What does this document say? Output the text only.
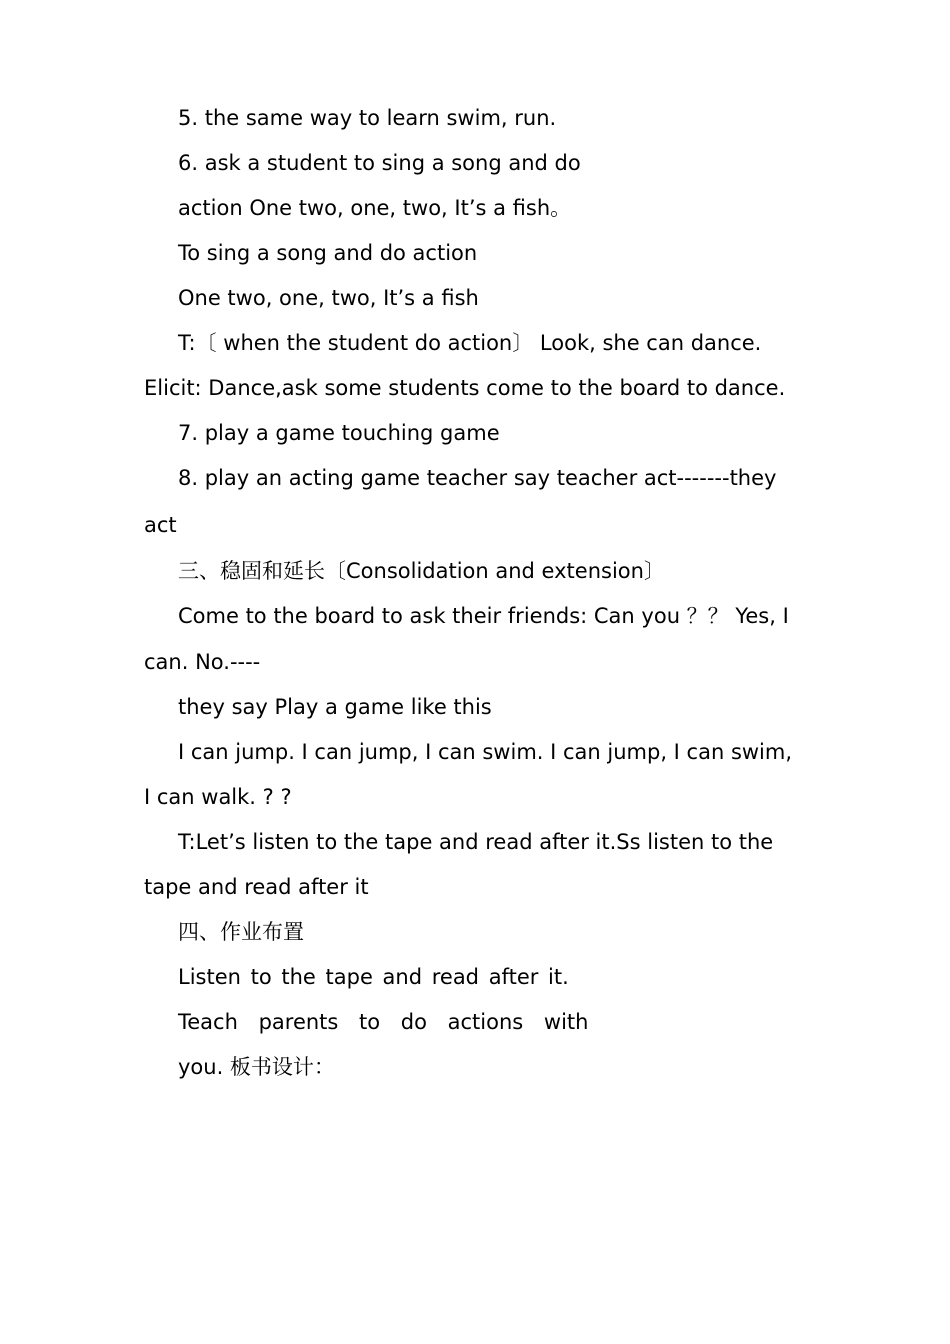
5. the same way to learn swim, run.
6. ask a student to sing a song and do
action One two, one, two, It’s a fish。
To sing a song and do action
One two, one, two, It’s a fish
T:〔 when the student do action〕 Look, she can dance.
Elicit: Dance,ask some students come to the board to dance.
7. play a game touching game
8. play an acting game teacher say teacher act-------they
act
三、稳固和延长〔Consolidation and extension〕
Come to the board to ask their friends: Can you ？？ Yes, I
can. No.----
they say Play a game like this
I can jump. I can jump, I can swim. I can jump, I can swim,
I can walk. ? ?
T:Let’s listen to the tape and read after it.Ss listen to the
tape and read after it
四、作业布置
Listen to the tape and read after it.
Teach parents to do actions with
you. 板书设计：
